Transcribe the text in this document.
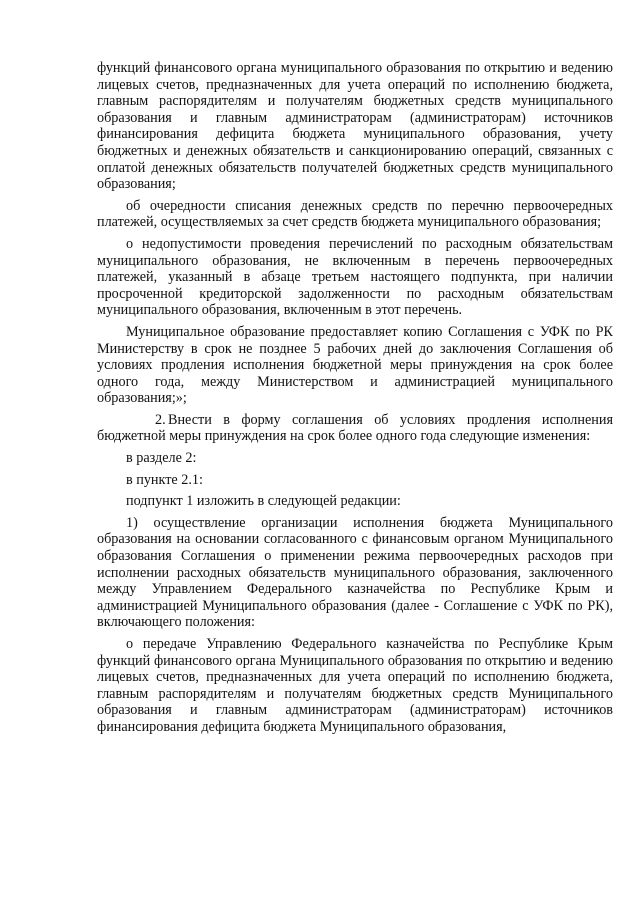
функций финансового органа муниципального образования по открытию и ведению лицевых счетов, предназначенных для учета операций по исполнению бюджета, главным распорядителям и получателям бюджетных средств муниципального образования и главным администраторам (администраторам) источников финансирования дефицита бюджета муниципального образования, учету бюджетных и денежных обязательств и санкционированию операций, связанных с оплатой денежных обязательств получателей бюджетных средств муниципального образования;

об очередности списания денежных средств по перечню первоочередных платежей, осуществляемых за счет средств бюджета муниципального образования;

о недопустимости проведения перечислений по расходным обязательствам муниципального образования, не включенным в перечень первоочередных платежей, указанный в абзаце третьем настоящего подпункта, при наличии просроченной кредиторской задолженности по расходным обязательствам муниципального образования, включенным в этот перечень.

Муниципальное образование предоставляет копию Соглашения с УФК по РК Министерству в срок не позднее 5 рабочих дней до заключения Соглашения об условиях продления исполнения бюджетной меры принуждения на срок более одного года, между Министерством и администрацией муниципального образования;»;

2. Внести в форму соглашения об условиях продления исполнения бюджетной меры принуждения на срок более одного года следующие изменения:

в разделе 2:

в пункте 2.1:

подпункт 1 изложить в следующей редакции:

1) осуществление организации исполнения бюджета Муниципального образования на основании согласованного с финансовым органом Муниципального образования Соглашения о применении режима первоочередных расходов при исполнении расходных обязательств муниципального образования, заключенного между Управлением Федерального казначейства по Республике Крым и администрацией Муниципального образования (далее - Соглашение с УФК по РК), включающего положения:

о передаче Управлению Федерального казначейства по Республике Крым функций финансового органа Муниципального образования по открытию и ведению лицевых счетов, предназначенных для учета операций по исполнению бюджета, главным распорядителям и получателям бюджетных средств Муниципального образования и главным администраторам (администраторам) источников финансирования дефицита бюджета Муниципального образования,
